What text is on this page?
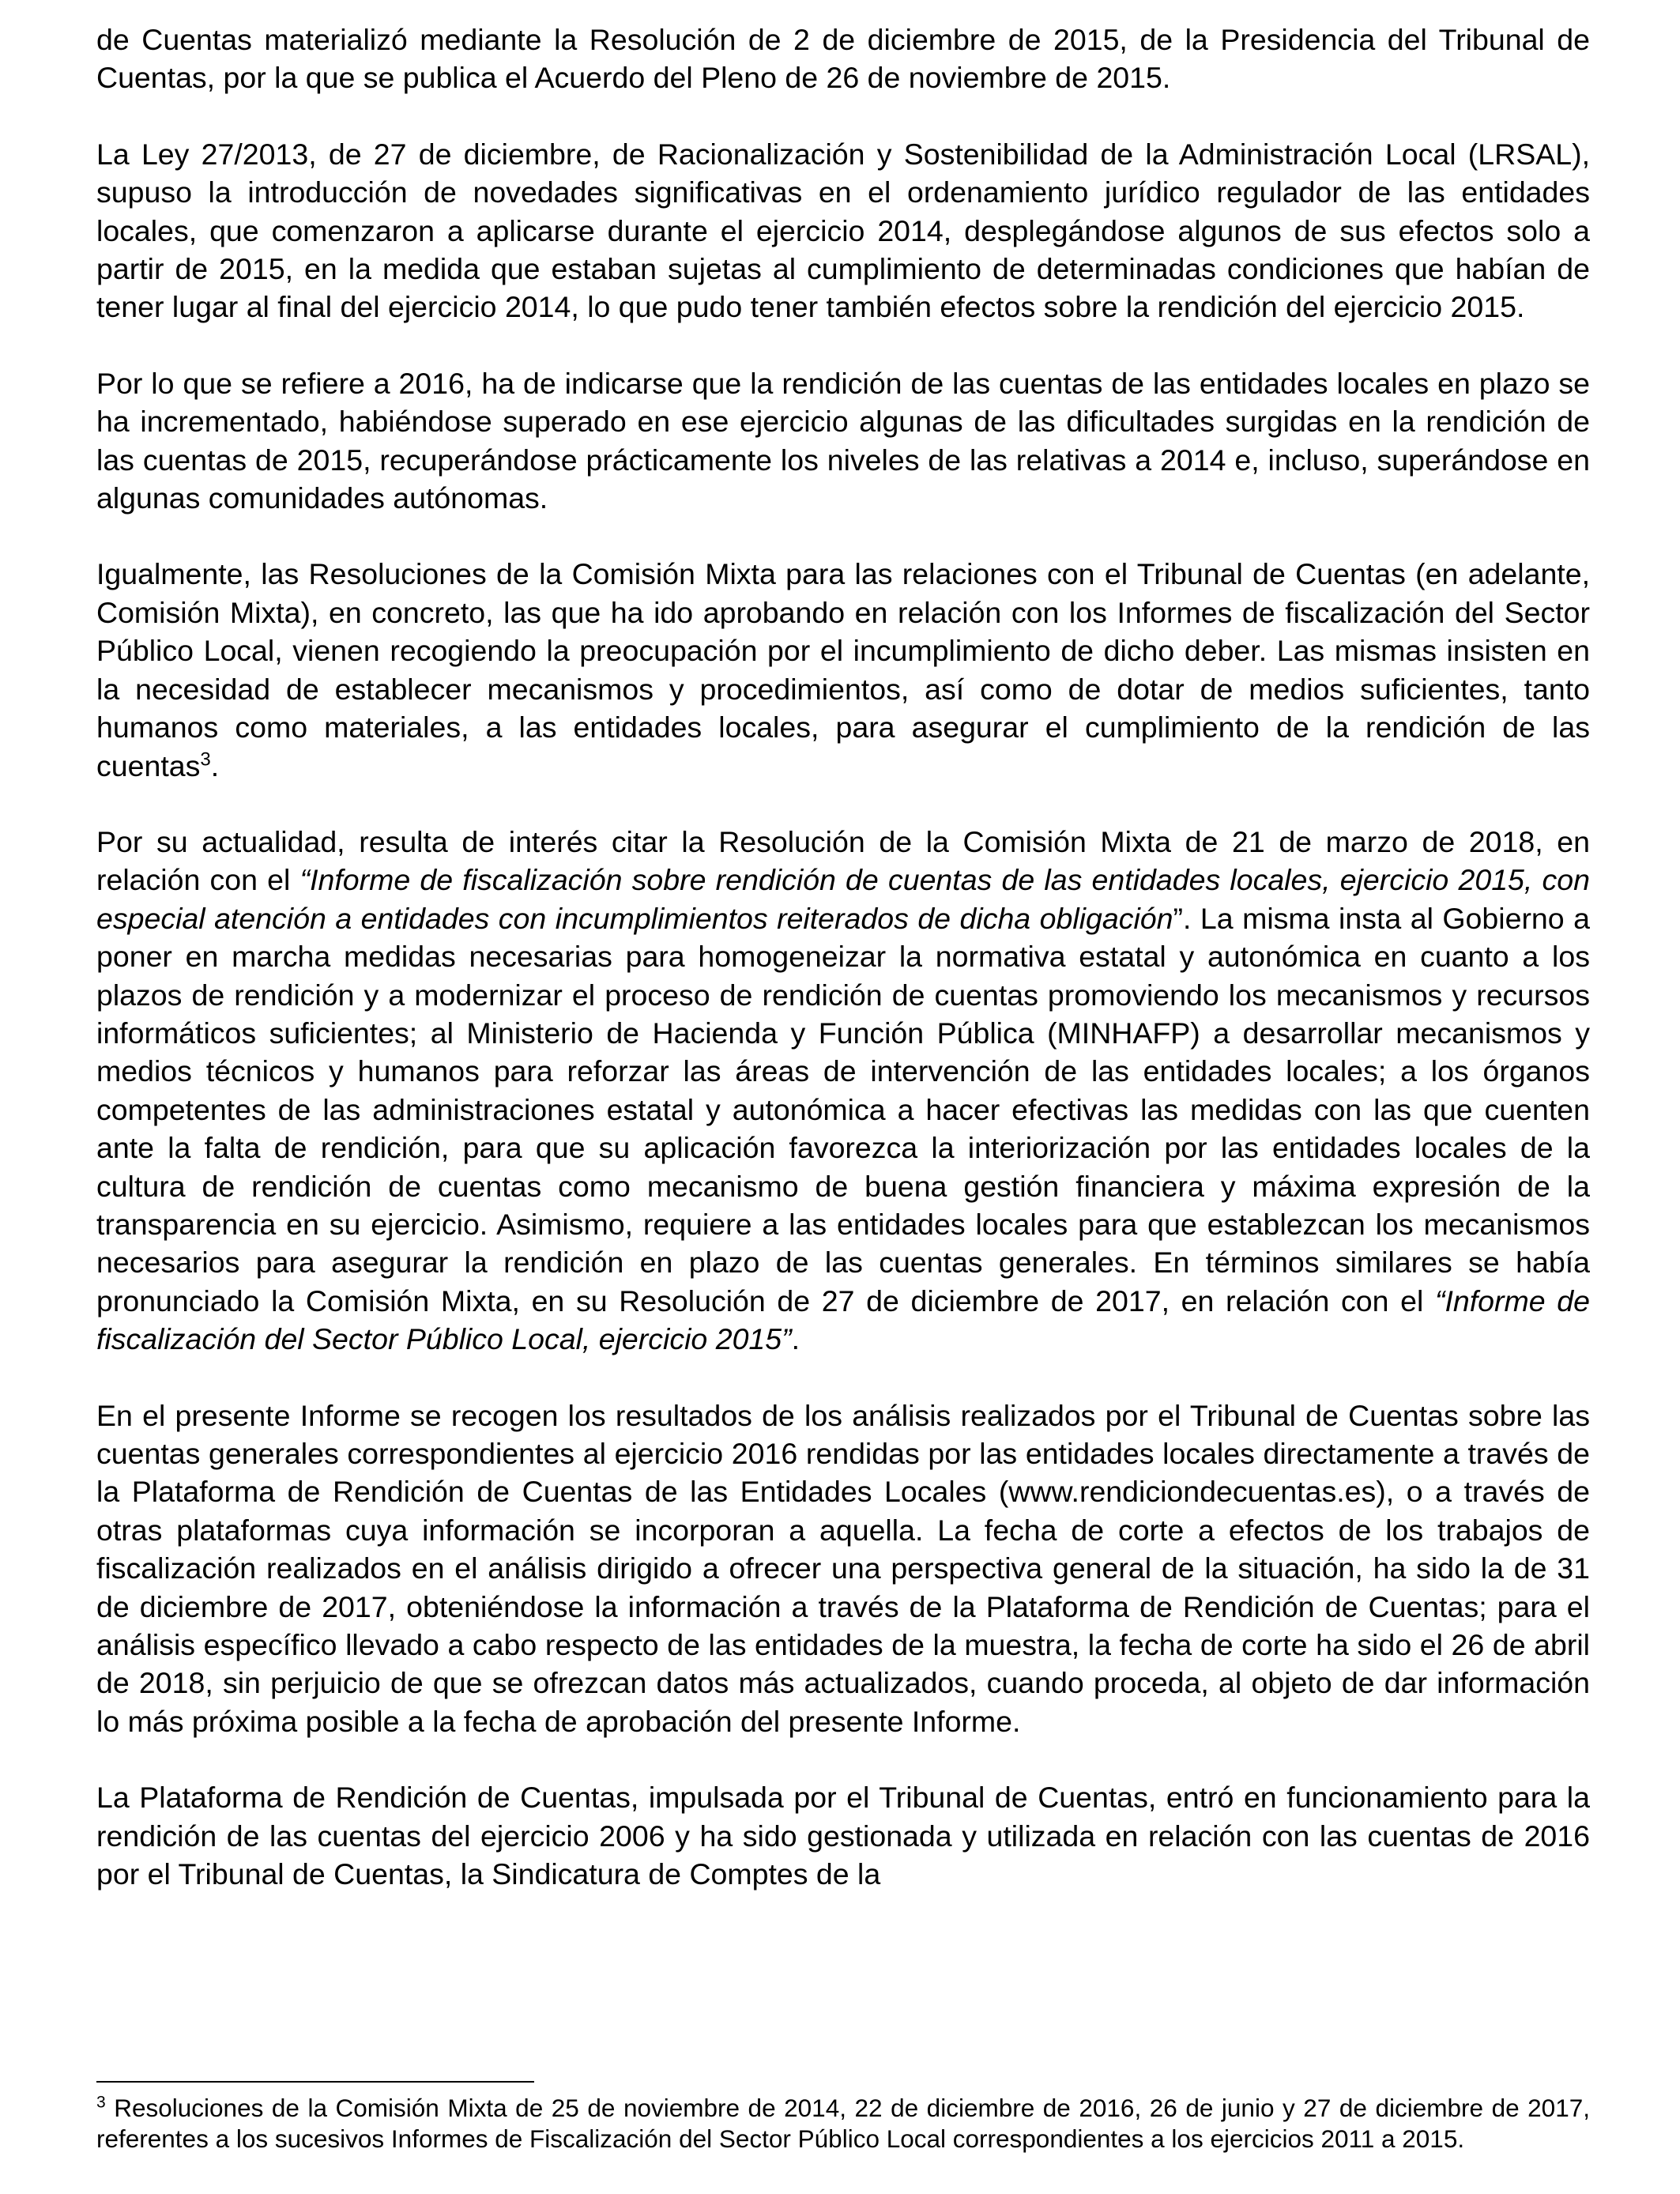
de Cuentas materializó mediante la Resolución de 2 de diciembre de 2015, de la Presidencia del Tribunal de Cuentas, por la que se publica el Acuerdo del Pleno de 26 de noviembre de 2015.

La Ley 27/2013, de 27 de diciembre, de Racionalización y Sostenibilidad de la Administración Local (LRSAL), supuso la introducción de novedades significativas en el ordenamiento jurídico regulador de las entidades locales, que comenzaron a aplicarse durante el ejercicio 2014, desplegándose algunos de sus efectos solo a partir de 2015, en la medida que estaban sujetas al cumplimiento de determinadas condiciones que habían de tener lugar al final del ejercicio 2014, lo que pudo tener también efectos sobre la rendición del ejercicio 2015.

Por lo que se refiere a 2016, ha de indicarse que la rendición de las cuentas de las entidades locales en plazo se ha incrementado, habiéndose superado en ese ejercicio algunas de las dificultades surgidas en la rendición de las cuentas de 2015, recuperándose prácticamente los niveles de las relativas a 2014 e, incluso, superándose en algunas comunidades autónomas.

Igualmente, las Resoluciones de la Comisión Mixta para las relaciones con el Tribunal de Cuentas (en adelante, Comisión Mixta), en concreto, las que ha ido aprobando en relación con los Informes de fiscalización del Sector Público Local, vienen recogiendo la preocupación por el incumplimiento de dicho deber. Las mismas insisten en la necesidad de establecer mecanismos y procedimientos, así como de dotar de medios suficientes, tanto humanos como materiales, a las entidades locales, para asegurar el cumplimiento de la rendición de las cuentas$^3$.

Por su actualidad, resulta de interés citar la Resolución de la Comisión Mixta de 21 de marzo de 2018, en relación con el “Informe de fiscalización sobre rendición de cuentas de las entidades locales, ejercicio 2015, con especial atención a entidades con incumplimientos reiterados de dicha obligación”. La misma insta al Gobierno a poner en marcha medidas necesarias para homogeneizar la normativa estatal y autonómica en cuanto a los plazos de rendición y a modernizar el proceso de rendición de cuentas promoviendo los mecanismos y recursos informáticos suficientes; al Ministerio de Hacienda y Función Pública (MINHAFP) a desarrollar mecanismos y medios técnicos y humanos para reforzar las áreas de intervención de las entidades locales; a los órganos competentes de las administraciones estatal y autonómica a hacer efectivas las medidas con las que cuenten ante la falta de rendición, para que su aplicación favorezca la interiorización por las entidades locales de la cultura de rendición de cuentas como mecanismo de buena gestión financiera y máxima expresión de la transparencia en su ejercicio. Asimismo, requiere a las entidades locales para que establezcan los mecanismos necesarios para asegurar la rendición en plazo de las cuentas generales. En términos similares se había pronunciado la Comisión Mixta, en su Resolución de 27 de diciembre de 2017, en relación con el “Informe de fiscalización del Sector Público Local, ejercicio 2015”.

En el presente Informe se recogen los resultados de los análisis realizados por el Tribunal de Cuentas sobre las cuentas generales correspondientes al ejercicio 2016 rendidas por las entidades locales directamente a través de la Plataforma de Rendición de Cuentas de las Entidades Locales (www.rendiciondecuentas.es), o a través de otras plataformas cuya información se incorporan a aquella. La fecha de corte a efectos de los trabajos de fiscalización realizados en el análisis dirigido a ofrecer una perspectiva general de la situación, ha sido la de 31 de diciembre de 2017, obteniéndose la información a través de la Plataforma de Rendición de Cuentas; para el análisis específico llevado a cabo respecto de las entidades de la muestra, la fecha de corte ha sido el 26 de abril de 2018, sin perjuicio de que se ofrezcan datos más actualizados, cuando proceda, al objeto de dar información lo más próxima posible a la fecha de aprobación del presente Informe.

La Plataforma de Rendición de Cuentas, impulsada por el Tribunal de Cuentas, entró en funcionamiento para la rendición de las cuentas del ejercicio 2006 y ha sido gestionada y utilizada en relación con las cuentas de 2016 por el Tribunal de Cuentas, la Sindicatura de Comptes de la

$^3$ Resoluciones de la Comisión Mixta de 25 de noviembre de 2014, 22 de diciembre de 2016, 26 de junio y 27 de diciembre de 2017, referentes a los sucesivos Informes de Fiscalización del Sector Público Local correspondientes a los ejercicios 2011 a 2015.
